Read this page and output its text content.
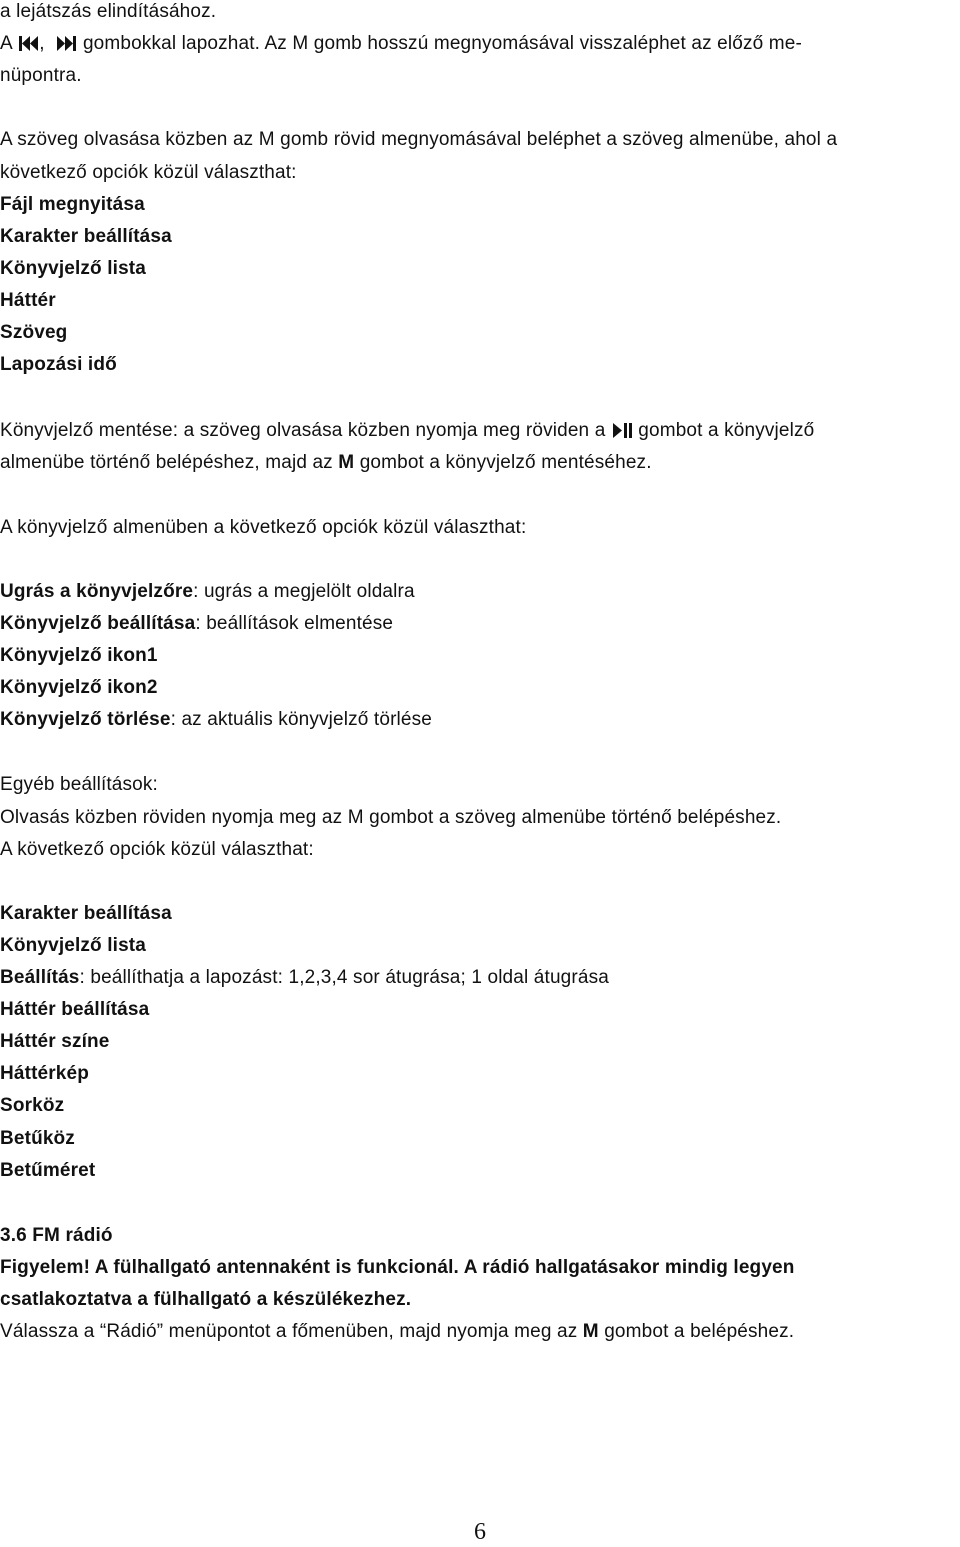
a lejátszás elindításához.
A , gombokkal lapozhat. Az M gomb hosszú megnyomásával visszaléphet az előző me-
nüpontra.
A szöveg olvasása közben az M gomb rövid megnyomásával beléphet a szöveg almenübe, ahol a
következő opciók közül választhat:
Fájl megnyitása
Karakter beállítása
Könyvjelző lista
Háttér
Szöveg
Lapozási idő
Könyvjelző mentése: a szöveg olvasása közben nyomja meg röviden a gombot a könyvjelző
almenübe történő belépéshez, majd az M gombot a könyvjelző mentéséhez.
A könyvjelző almenüben a következő opciók közül választhat:
Ugrás a könyvjelzőre: ugrás a megjelölt oldalra
Könyvjelző beállítása: beállítások elmentése
Könyvjelző ikon1
Könyvjelző ikon2
Könyvjelző törlése: az aktuális könyvjelző törlése
Egyéb beállítások:
Olvasás közben röviden nyomja meg az M gombot a szöveg almenübe történő belépéshez.
A következő opciók közül választhat:
Karakter beállítása
Könyvjelző lista
Beállítás: beállíthatja a lapozást: 1,2,3,4 sor átugrása; 1 oldal átugrása
Háttér beállítása
Háttér színe
Háttérkép
Sorköz
Betűköz
Betűméret
3.6 FM rádió
Figyelem! A fülhallgató antennaként is funkcionál. A rádió hallgatásakor mindig legyen
csatlakoztatva a fülhallgató a készülékezhez.
Válassza a “Rádió” menüpontot a főmenüben, majd nyomja meg az M gombot a belépéshez.
6
